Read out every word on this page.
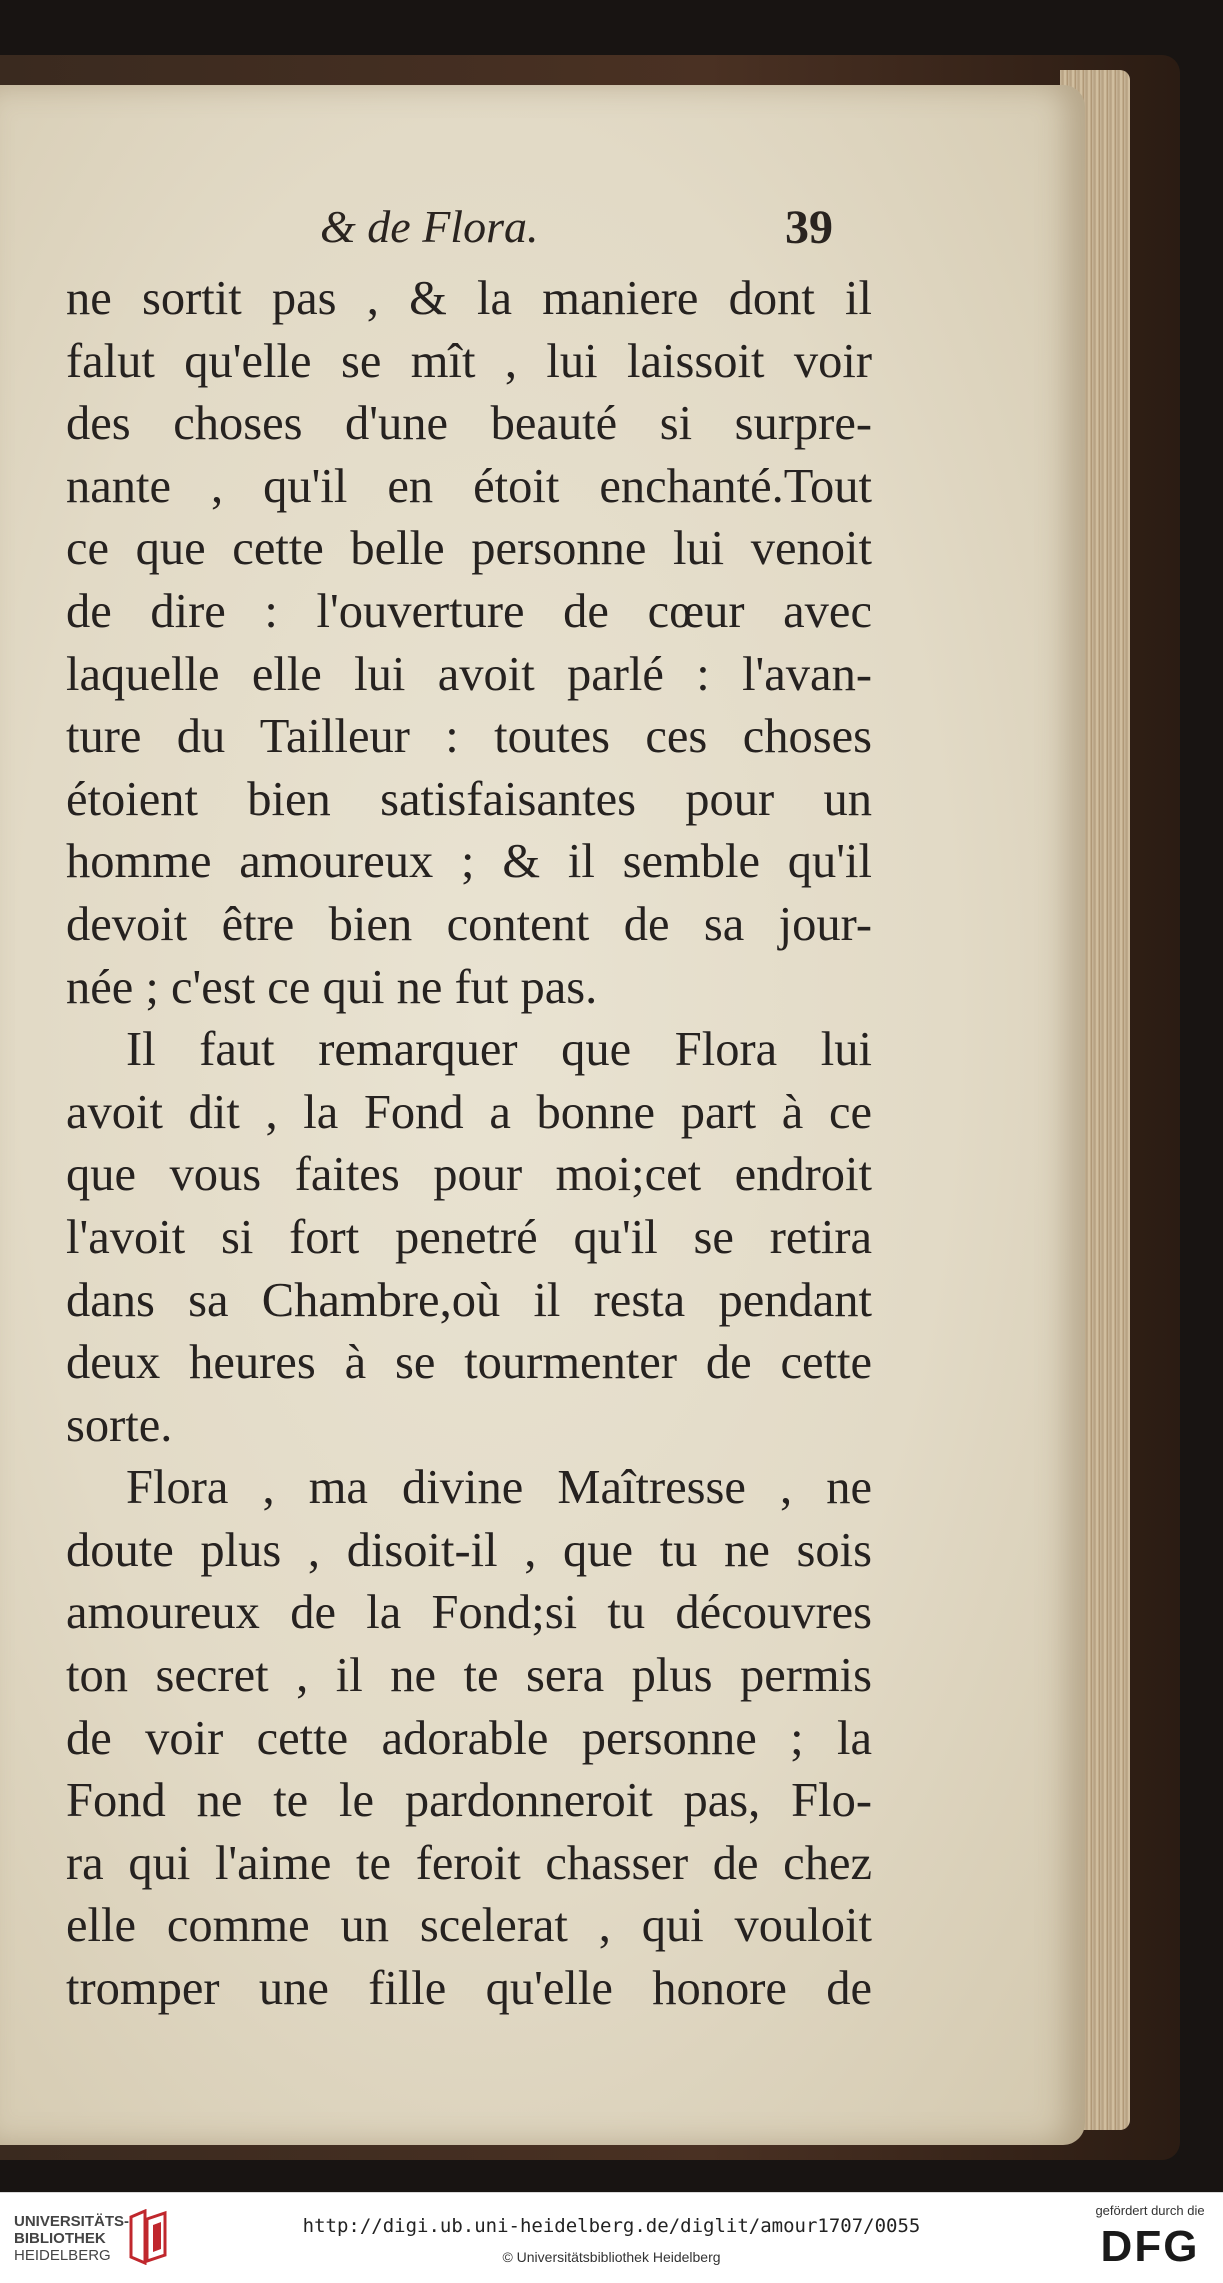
& de Flora.	39
ne sortit pas , & la maniere dont il
falut qu'elle se mît , lui laissoit voir
des choses d'une beauté si surpre-
nante , qu'il en étoit enchanté.Tout
ce que cette belle personne lui venoit
de dire : l'ouverture de cœur avec
laquelle elle lui avoit parlé : l'avan-
ture du Tailleur : toutes ces choses
étoient bien satisfaisantes pour un
homme amoureux ; & il semble qu'il
devoit être bien content de sa jour-
née ; c'est ce qui ne fut pas.
Il faut remarquer que Flora lui
avoit dit , la Fond a bonne part à ce
que vous faites pour moi;cet endroit
l'avoit si fort penetré qu'il se retira
dans sa Chambre,où il resta pendant
deux heures à se tourmenter de cette
sorte.
Flora , ma divine Maîtresse , ne
doute plus , disoit-il , que tu ne sois
amoureux de la Fond;si tu découvres
ton secret , il ne te sera plus permis
de voir cette adorable personne ; la
Fond ne te le pardonneroit pas, Flo-
ra qui l'aime te feroit chasser de chez
elle comme un scelerat , qui vouloit
tromper une fille qu'elle honore de
UNIVERSITÄTS-
BIBLIOTHEK
HEIDELBERG
http://digi.ub.uni-heidelberg.de/diglit/amour1707/0055
© Universitätsbibliothek Heidelberg
gefördert durch die
DFG
